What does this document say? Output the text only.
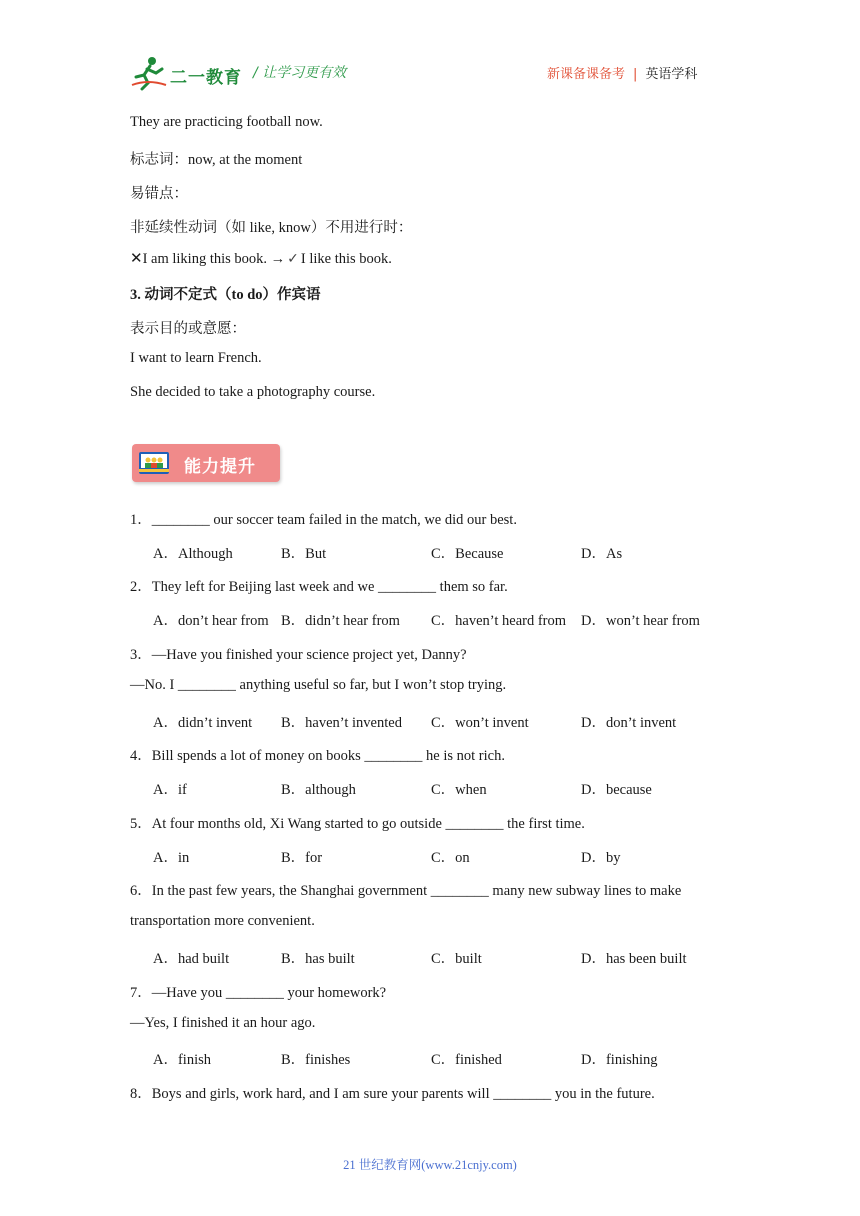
二一教育 / 让学习更有效	新课备课备考 | 英语学科
They are practicing football now.
标志词：now, at the moment
易错点：
非延续性动词（如 like, know）不用进行时：
✕I am liking this book. → ✓ I like this book.
3. 动词不定式（to do）作宾语
表示目的或意愿：
I want to learn French.
She decided to take a photography course.
能力提升
1．________ our soccer team failed in the match, we did our best.
A．Although	B．But	C．Because	D．As
2．They left for Beijing last week and we ________ them so far.
A．don’t hear from B．didn’t hear from C．haven’t heard from D．won’t hear from
3．—Have you finished your science project yet, Danny?
—No. I ________ anything useful so far, but I won’t stop trying.
A．didn’t invent B．haven’t invented C．won’t invent	D．don’t invent
4．Bill spends a lot of money on books ________ he is not rich.
A．if	B．although	C．when	D．because
5．At four months old, Xi Wang started to go outside ________ the first time.
A．in	B．for	C．on	D．by
6．In the past few years, the Shanghai government ________ many new subway lines to make
transportation more convenient.
A．had built	B．has built	C．built	D．has been built
7．—Have you ________ your homework?
—Yes, I finished it an hour ago.
A．finish	B．finishes	C．finished	D．finishing
8．Boys and girls, work hard, and I am sure your parents will ________ you in the future.
21 世纪教育网(www.21cnjy.com)
